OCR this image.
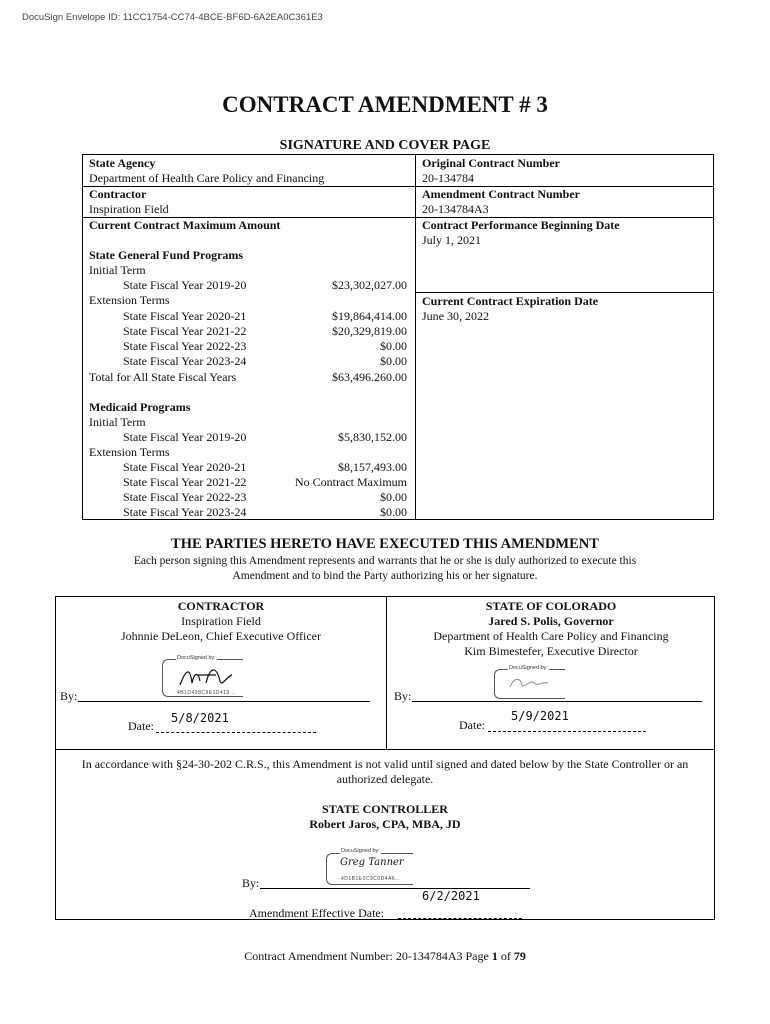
DocuSign Envelope ID: 11CC1754-CC74-4BCE-BF6D-6A2EA0C361E3
CONTRACT AMENDMENT # 3
SIGNATURE AND COVER PAGE
State Agency
Department of Health Care Policy and Financing
Contractor
Inspiration Field
Current Contract Maximum Amount
State General Fund Programs
Initial Term
State Fiscal Year 2019-20	$23,302,027.00
Extension Terms
State Fiscal Year 2020-21	$19,864,414.00
State Fiscal Year 2021-22	$20,329,819.00
State Fiscal Year 2022-23	$0.00
State Fiscal Year 2023-24	$0.00
Total for All State Fiscal Years	$63,496.260.00
Medicaid Programs
Initial Term
State Fiscal Year 2019-20	$5,830,152.00
Extension Terms
State Fiscal Year 2020-21	$8,157,493.00
State Fiscal Year 2021-22	No Contract Maximum
State Fiscal Year 2022-23	$0.00
State Fiscal Year 2023-24	$0.00
Original Contract Number
20-134784
Amendment Contract Number
20-134784A3
Contract Performance Beginning Date
July 1, 2021
Current Contract Expiration Date
June 30, 2022
THE PARTIES HERETO HAVE EXECUTED THIS AMENDMENT
Each person signing this Amendment represents and warrants that he or she is duly authorized to execute this
Amendment and to bind the Party authorizing his or her signature.
CONTRACTOR
Inspiration Field
Johnnie DeLeon, Chief Executive Officer
DocuSigned by:
4B1D498C9E1D419...
By:
5/8/2021
Date:
STATE OF COLORADO
Jared S. Polis, Governor
Department of Health Care Policy and Financing
Kim Bimestefer, Executive Director
DocuSigned by:
By:
5/9/2021
Date:
In accordance with §24-30-202 C.R.S., this Amendment is not valid until signed and dated below by the State Controller or an
authorized delegate.
STATE CONTROLLER
Robert Jaros, CPA, MBA, JD
DocuSigned by:
Greg Tanner
4D1B1E0C9C0D4A6...
By:
6/2/2021
Amendment Effective Date:
Contract Amendment Number: 20-134784A3 Page 1 of 79
